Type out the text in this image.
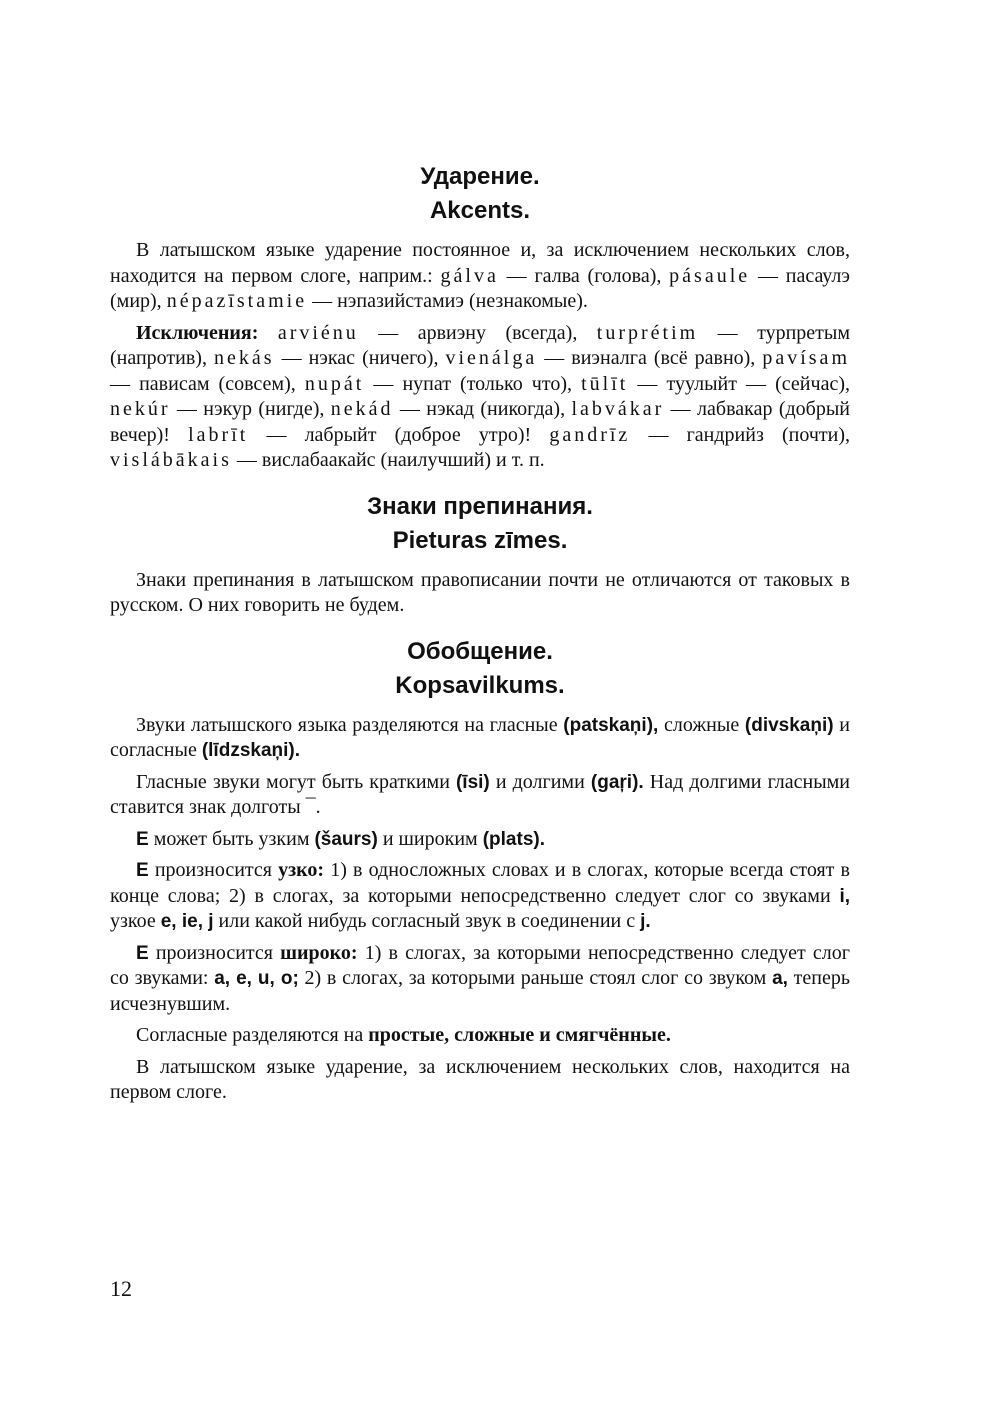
Ударение.
Akcents.

В латышском языке ударение постоянное и, за исключением нескольких слов, находится на первом слоге, наприм.: gálva — галва (голова), pásaule — пасаулэ (мир), népazīstamie — нэпазийстамиэ (незнакомые).

Исключения: arviénu — арвиэну (всегда), turprétim — турпретым (напротив), nekás — нэкас (ничего), vienálga — виэналга (всё равно), pavísam — пависам (совсем), nupát — нупат (только что), tūlīt — туулыйт — (сейчас), nekúr — нэкур (нигде), nekád — нэкад (никогда), labvákar — лабвакар (добрый вечер)! labrīt — лабрыйт (доброе утро)! gandrīz — гандрийз (почти), vislábākais — вислабаакайс (наилучший) и т. п.

Знаки препинания.
Pieturas zīmes.

Знаки препинания в латышском правописании почти не отличаются от таковых в русском. О них говорить не будем.

Обобщение.
Kopsavilkums.

Звуки латышского языка разделяются на гласные (patskaņi), сложные (divskaņi) и согласные (līdzskaņi).

Гласные звуки могут быть краткими (īsi) и долгими (gaŗi). Над долгими гласными ставится знак долготы ¯.

E может быть узким (šaurs) и широким (plats).

E произносится узко: 1) в односложных словах и в слогах, которые всегда стоят в конце слова; 2) в слогах, за которыми непосредственно следует слог со звуками i, узкое e, ie, j или какой нибудь согласный звук в соединении с j.

E произносится широко: 1) в слогах, за которыми непосредственно следует слог со звуками: a, e, u, o; 2) в слогах, за которыми раньше стоял слог со звуком a, теперь исчезнувшим.

Согласные разделяются на простые, сложные и смягчённые.

В латышском языке ударение, за исключением нескольких слов, находится на первом слоге.

12
